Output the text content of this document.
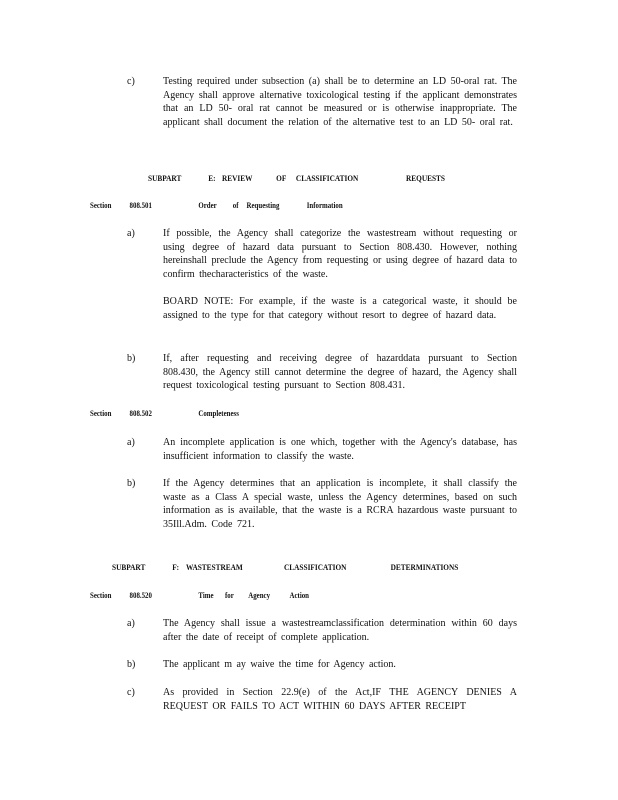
c)	Testing required under subsection (a) shall be to determine an LD 50-oral rat. The Agency shall approve alternative toxicological testing if the applicant demonstrates that an LD 50- oral rat cannot be measured or is otherwise inappropriate. The applicant shall document the relation of the alternative test to an LD 50- oral rat.
SUBPART	E: REVIEW	OF CLASSIFICATION	REQUESTS
Section 808.501	Order of Requesting	Information
a)	If possible, the Agency shall categorize the wastestream without requesting or using degree of hazard data pursuant to Section 808.430. However, nothing hereinshall preclude the Agency from requesting or using degree of hazard data to confirm thecharacteristics of the waste.
BOARD NOTE: For example, if the waste is a categorical waste, it should be assigned to the type for that category without resort to degree of hazard data.
b)	If, after requesting and receiving degree of hazarddata pursuant to Section 808.430, the Agency still cannot determine the degree of hazard, the Agency shall request toxicological testing pursuant to Section 808.431.
Section 808.502	Completeness
a)	An incomplete application is one which, together with the Agency's database, has insufficient information to classify the waste.
b)	If the Agency determines that an application is incomplete, it shall classify the waste as a Class A special waste, unless the Agency determines, based on such information as is available, that the waste is a RCRA hazardous waste pursuant to 35Ill.Adm. Code 721.
SUBPART	F: WASTESTREAM	CLASSIFICATION	DETERMINATIONS
Section 808.520	Time for Agency Action
a)	The Agency shall issue a wastestreamclassification determination within 60 days after the date of receipt of complete application.
b)	The applicant m ay waive the time for Agency action.
c)	As provided in Section 22.9(e) of the Act,IF THE AGENCY DENIES A REQUEST OR FAILS TO ACT WITHIN 60 DAYS AFTER RECEIPT
